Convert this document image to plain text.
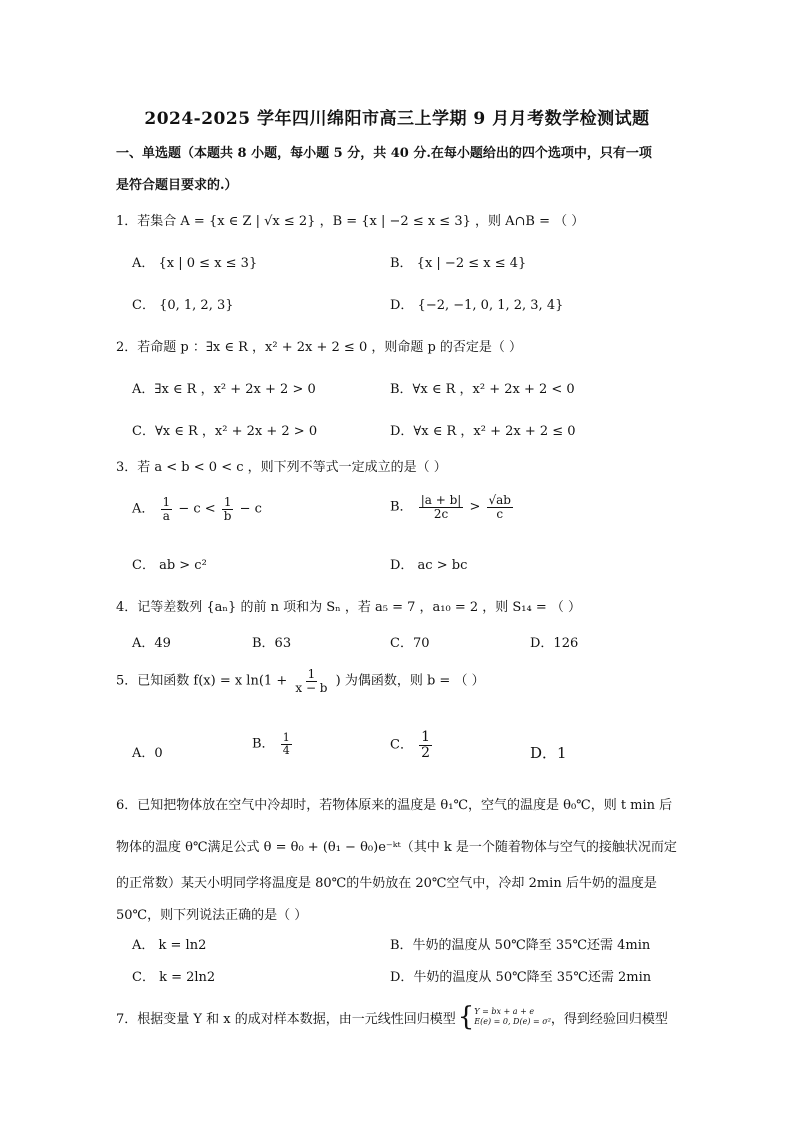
2024-2025 学年四川绵阳市高三上学期 9 月月考数学检测试题
一、单选题（本题共 8 小题，每小题 5 分，共 40 分.在每小题给出的四个选项中，只有一项
是符合题目要求的.）
1．若集合 A = {x ∈ Z | √x ≤ 2} ，B = {x | −2 ≤ x ≤ 3} ，则 A∩B = （ ）
A． {x | 0 ≤ x ≤ 3}	B． {x | −2 ≤ x ≤ 4}
C． {0, 1, 2, 3}	D． {−2, −1, 0, 1, 2, 3, 4}
2．若命题 p ：∃x ∈ R ，x² + 2x + 2 ≤ 0 ，则命题 p 的否定是（ ）
A．∃x ∈ R ，x² + 2x + 2 > 0	B．∀x ∈ R ，x² + 2x + 2 < 0
C．∀x ∈ R ，x² + 2x + 2 > 0	D．∀x ∈ R ，x² + 2x + 2 ≤ 0
3．若 a < b < 0 < c ，则下列不等式一定成立的是（ ）
A． $\frac{1}{a} - c < \frac{1}{b} - c$	B． $\frac{|a + b|}{2c} > \frac{√ab}{c}$
C． ab > c²	D． ac > bc
4．记等差数列 {aₙ} 的前 n 项和为 Sₙ ，若 a₅ = 7 ，a₁₀ = 2 ，则 S₁₄ = （ ）
A．49	B．63	C．70	D．126
5．已知函数 f(x) = x $\ln(1 + \frac{1}{x - b}$ ) 为偶函数，则 b = （ ）
A．0
B． $\frac{1}{4}$	C． $\frac{1}{2}$	D．1
6．已知把物体放在空气中冷却时，若物体原来的温度是 θ₁℃，空气的温度是 θ₀℃，则 t min 后
物体的温度 θ℃满足公式 θ = θ₀ + (θ₁ − θ₀)e⁻ᵏᵗ（其中 k 是一个随着物体与空气的接触状况而定
的正常数）某天小明同学将温度是 80℃的牛奶放在 20℃空气中，冷却 2min 后牛奶的温度是
50℃，则下列说法正确的是（ ）
A． k = ln2	B．牛奶的温度从 50℃降至 35℃还需 4min
C． k = 2ln2	D．牛奶的温度从 50℃降至 35℃还需 2min
7．根据变量 Y 和 x 的成对样本数据，由一元线性回归模型 { Y = bx + a + e
E(e) = 0, D(e) = σ² ，得到经验回归模型
